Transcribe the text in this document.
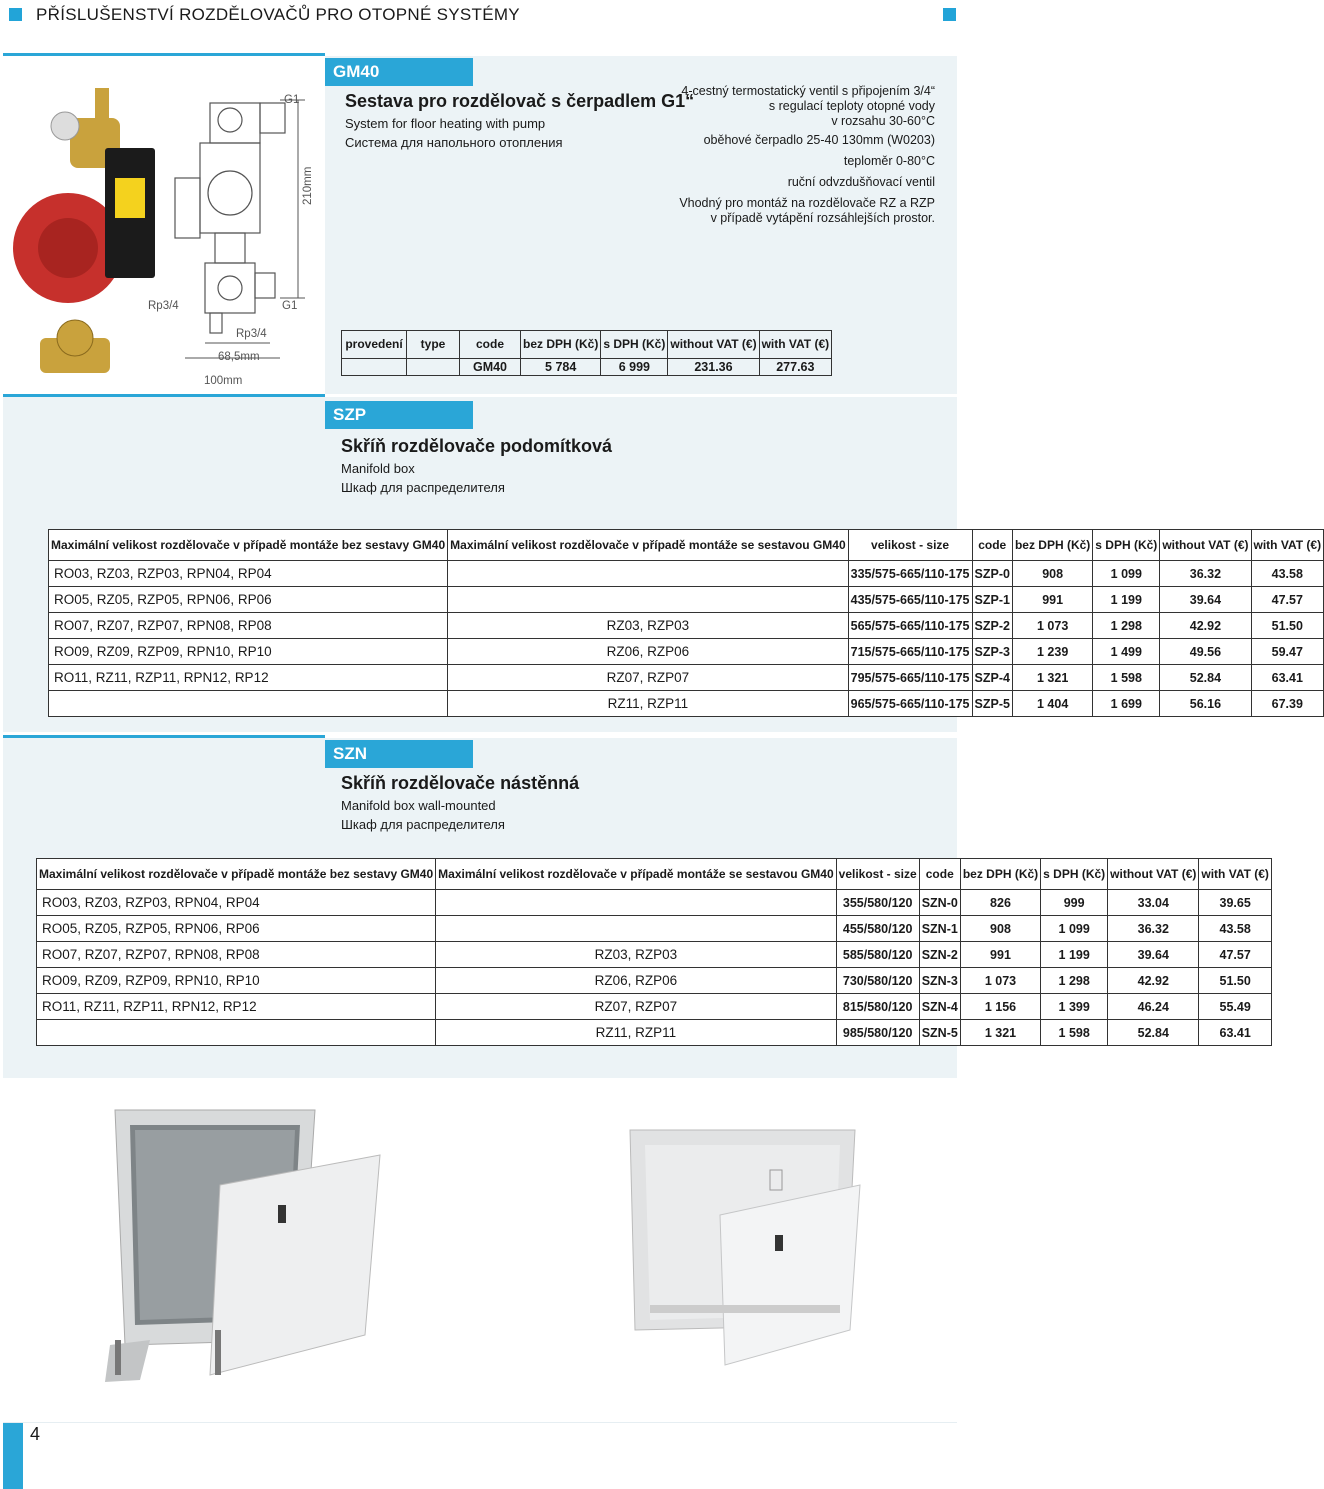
PŘÍSLUŠENSTVÍ ROZDĚLOVAČŮ PRO OTOPNÉ SYSTÉMY
GM40
Sestava pro rozdělovač s čerpadlem G1“
System for floor heating with pump
Система для напольного отопления
4-cestný termostatický ventil s připojením 3/4“
s regulací teploty otopné vody
v rozsahu 30-60°C
oběhové čerpadlo 25-40 130mm (W0203)
teploměr 0-80°C
ruční odvzdušňovací ventil
Vhodný pro montáž na rozdělovače RZ a RZP
v případě vytápění rozsáhlejších prostor.
G1
210mm
Rp3/4	G1
Rp3/4
68,5mm
100mm
provedení	type	code	bez DPH (Kč)	s DPH (Kč)	without VAT (€)	with VAT (€)
		GM40	5 784	6 999	231.36	277.63
SZP
Skříň rozdělovače podomítková
Manifold box
Шкаф для распределителя
Maximální velikost rozdělovače v případě montáže bez sestavy GM40	Maximální velikost rozdělovače v případě montáže se sestavou GM40	velikost - size	code	bez DPH (Kč)	s DPH (Kč)	without VAT (€)	with VAT (€)
RO03, RZ03, RZP03, RPN04, RP04		335/575-665/110-175	SZP-0	908	1 099	36.32	43.58
RO05, RZ05, RZP05, RPN06, RP06		435/575-665/110-175	SZP-1	991	1 199	39.64	47.57
RO07, RZ07, RZP07, RPN08, RP08	RZ03, RZP03	565/575-665/110-175	SZP-2	1 073	1 298	42.92	51.50
RO09, RZ09, RZP09, RPN10, RP10	RZ06, RZP06	715/575-665/110-175	SZP-3	1 239	1 499	49.56	59.47
RO11, RZ11, RZP11, RPN12, RP12	RZ07, RZP07	795/575-665/110-175	SZP-4	1 321	1 598	52.84	63.41
	RZ11, RZP11	965/575-665/110-175	SZP-5	1 404	1 699	56.16	67.39
SZN
Skříň rozdělovače nástěnná
Manifold box wall-mounted
Шкаф для распределителя
Maximální velikost rozdělovače v případě montáže bez sestavy GM40	Maximální velikost rozdělovače v případě montáže se sestavou GM40	velikost - size	code	bez DPH (Kč)	s DPH (Kč)	without VAT (€)	with VAT (€)
RO03, RZ03, RZP03, RPN04, RP04		355/580/120	SZN-0	826	999	33.04	39.65
RO05, RZ05, RZP05, RPN06, RP06		455/580/120	SZN-1	908	1 099	36.32	43.58
RO07, RZ07, RZP07, RPN08, RP08	RZ03, RZP03	585/580/120	SZN-2	991	1 199	39.64	47.57
RO09, RZ09, RZP09, RPN10, RP10	RZ06, RZP06	730/580/120	SZN-3	1 073	1 298	42.92	51.50
RO11, RZ11, RZP11, RPN12, RP12	RZ07, RZP07	815/580/120	SZN-4	1 156	1 399	46.24	55.49
	RZ11, RZP11	985/580/120	SZN-5	1 321	1 598	52.84	63.41
4
